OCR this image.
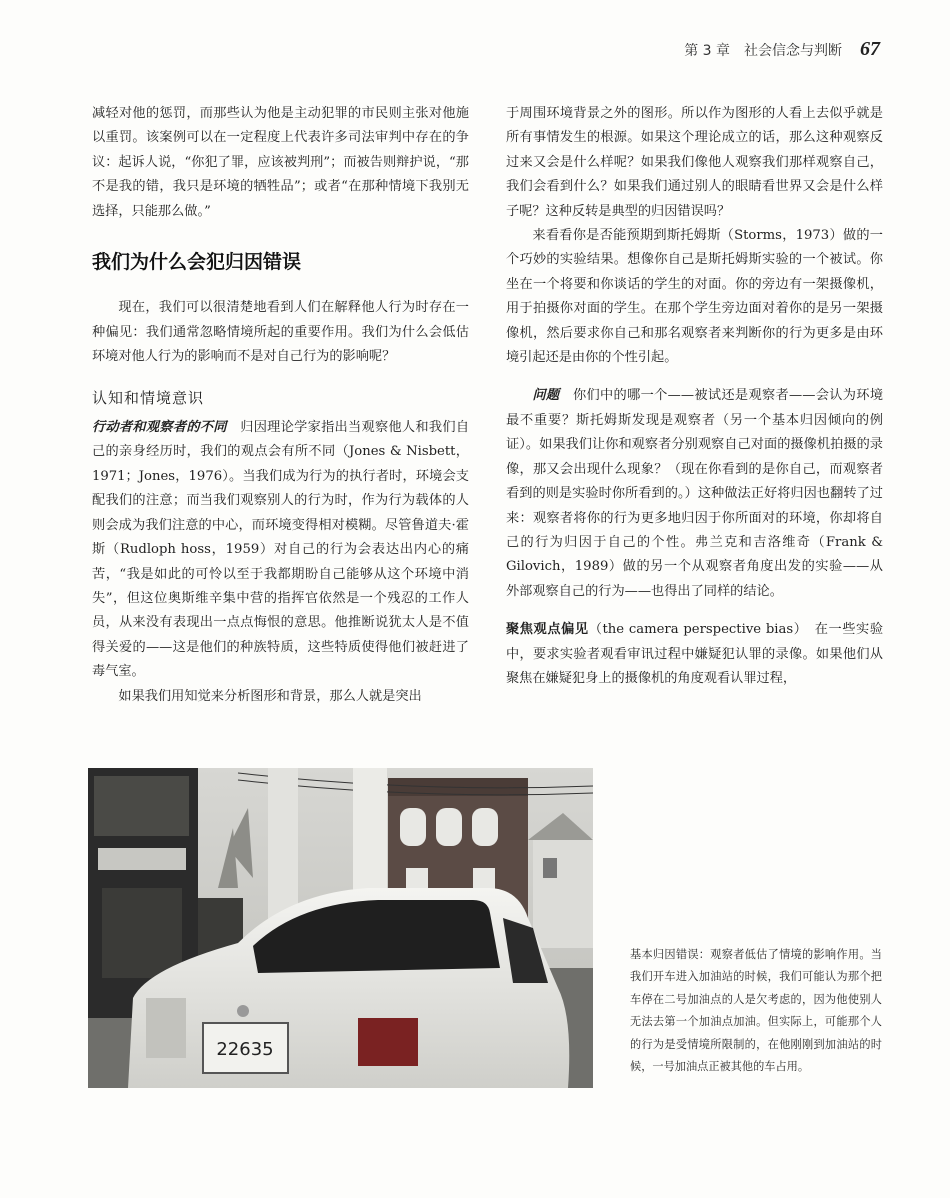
第 3 章　社会信念与判断 67

减轻对他的惩罚，而那些认为他是主动犯罪的市民则主张对他施以重罚。该案例可以在一定程度上代表许多司法审判中存在的争议：起诉人说，“你犯了罪，应该被判刑”；而被告则辩护说，“那不是我的错，我只是环境的牺牲品”；或者“在那种情境下我别无选择，只能那么做。”

我们为什么会犯归因错误

现在，我们可以很清楚地看到人们在解释他人行为时存在一种偏见：我们通常忽略情境所起的重要作用。我们为什么会低估环境对他人行为的影响而不是对自己行为的影响呢？

认知和情境意识

行动者和观察者的不同　 归因理论学家指出当观察他人和我们自己的亲身经历时，我们的观点会有所不同（Jones & Nisbett，1971；Jones，1976）。当我们成为行为的执行者时，环境会支配我们的注意；而当我们观察别人的行为时，作为行为载体的人则会成为我们注意的中心，而环境变得相对模糊。尽管鲁道夫·霍斯（Rudloph hoss，1959）对自己的行为会表达出内心的痛苦，“我是如此的可怜以至于我都期盼自己能够从这个环境中消失”，但这位奥斯维辛集中营的指挥官依然是一个残忍的工作人员，从来没有表现出一点点悔恨的意思。他推断说犹太人是不值得关爱的——这是他们的种族特质，这些特质使得他们被赶进了毒气室。

如果我们用知觉来分析图形和背景，那么人就是突出

于周围环境背景之外的图形。所以作为图形的人看上去似乎就是所有事情发生的根源。如果这个理论成立的话，那么这种观察反过来又会是什么样呢？如果我们像他人观察我们那样观察自己，我们会看到什么？如果我们通过别人的眼睛看世界又会是什么样子呢？这种反转是典型的归因错误吗？

来看看你是否能预期到斯托姆斯（Storms，1973）做的一个巧妙的实验结果。想像你自己是斯托姆斯实验的一个被试。你坐在一个将要和你谈话的学生的对面。你的旁边有一架摄像机，用于拍摄你对面的学生。在那个学生旁边面对着你的是另一架摄像机，然后要求你自己和那名观察者来判断你的行为更多是由环境引起还是由你的个性引起。

问题　 你们中的哪一个——被试还是观察者——会认为环境最不重要？斯托姆斯发现是观察者（另一个基本归因倾向的例证）。如果我们让你和观察者分别观察自己对面的摄像机拍摄的录像，那又会出现什么现象？（现在你看到的是你自己，而观察者看到的则是实验时你所看到的。）这种做法正好将归因也翻转了过来：观察者将你的行为更多地归因于你所面对的环境，你却将自己的行为归因于自己的个性。弗兰克和吉洛维奇（Frank & Gilovich，1989）做的另一个从观察者角度出发的实验——从外部观察自己的行为——也得出了同样的结论。

聚焦观点偏见（the camera perspective bias）　 在一些实验中，要求实验者观看审讯过程中嫌疑犯认罪的录像。如果他们从聚焦在嫌疑犯身上的摄像机的角度观看认罪过程，

22635
基本归因错误：观察者低估了情境的影响作用。当我们开车进入加油站的时候，我们可能认为那个把车停在二号加油点的人是欠考虑的，因为他使别人无法去第一个加油点加油。但实际上，可能那个人的行为是受情境所限制的，在他刚刚到加油站的时候，一号加油点正被其他的车占用。
